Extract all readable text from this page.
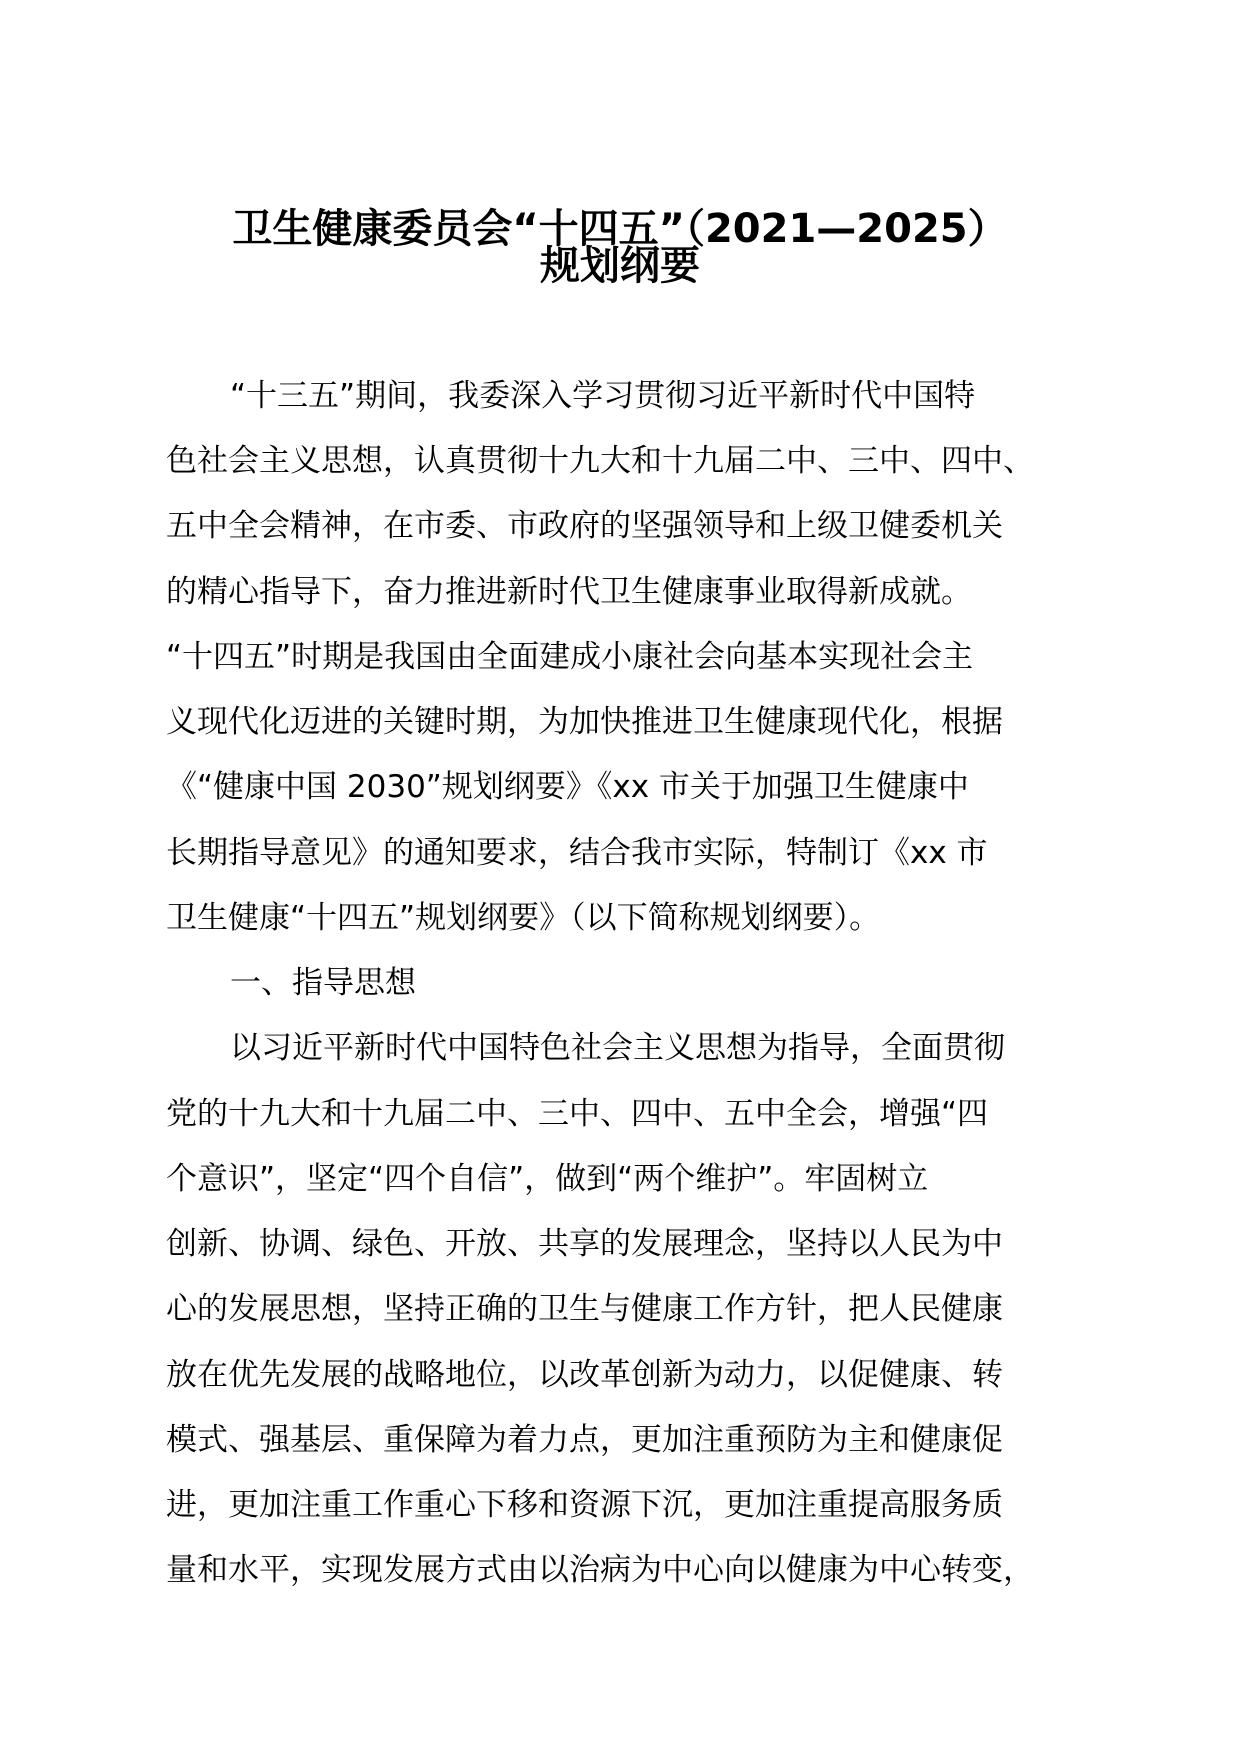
卫生健康委员会“十四五”（2021—2025）
规划纲要
“十三五”期间，我委深入学习贯彻习近平新时代中国特
色社会主义思想，认真贯彻十九大和十九届二中、三中、四中、
五中全会精神，在市委、市政府的坚强领导和上级卫健委机关
的精心指导下，奋力推进新时代卫生健康事业取得新成就。
“十四五”时期是我国由全面建成小康社会向基本实现社会主
义现代化迈进的关键时期，为加快推进卫生健康现代化，根据
《“健康中国 2030”规划纲要》《xx 市关于加强卫生健康中
长期指导意见》的通知要求，结合我市实际，特制订《xx 市
卫生健康“十四五”规划纲要》（以下简称规划纲要）。
一、指导思想
以习近平新时代中国特色社会主义思想为指导，全面贯彻
党的十九大和十九届二中、三中、四中、五中全会，增强“四
个意识”，坚定“四个自信”，做到“两个维护”。牢固树立
创新、协调、绿色、开放、共享的发展理念，坚持以人民为中
心的发展思想，坚持正确的卫生与健康工作方针，把人民健康
放在优先发展的战略地位，以改革创新为动力，以促健康、转
模式、强基层、重保障为着力点，更加注重预防为主和健康促
进，更加注重工作重心下移和资源下沉，更加注重提高服务质
量和水平，实现发展方式由以治病为中心向以健康为中心转变，
